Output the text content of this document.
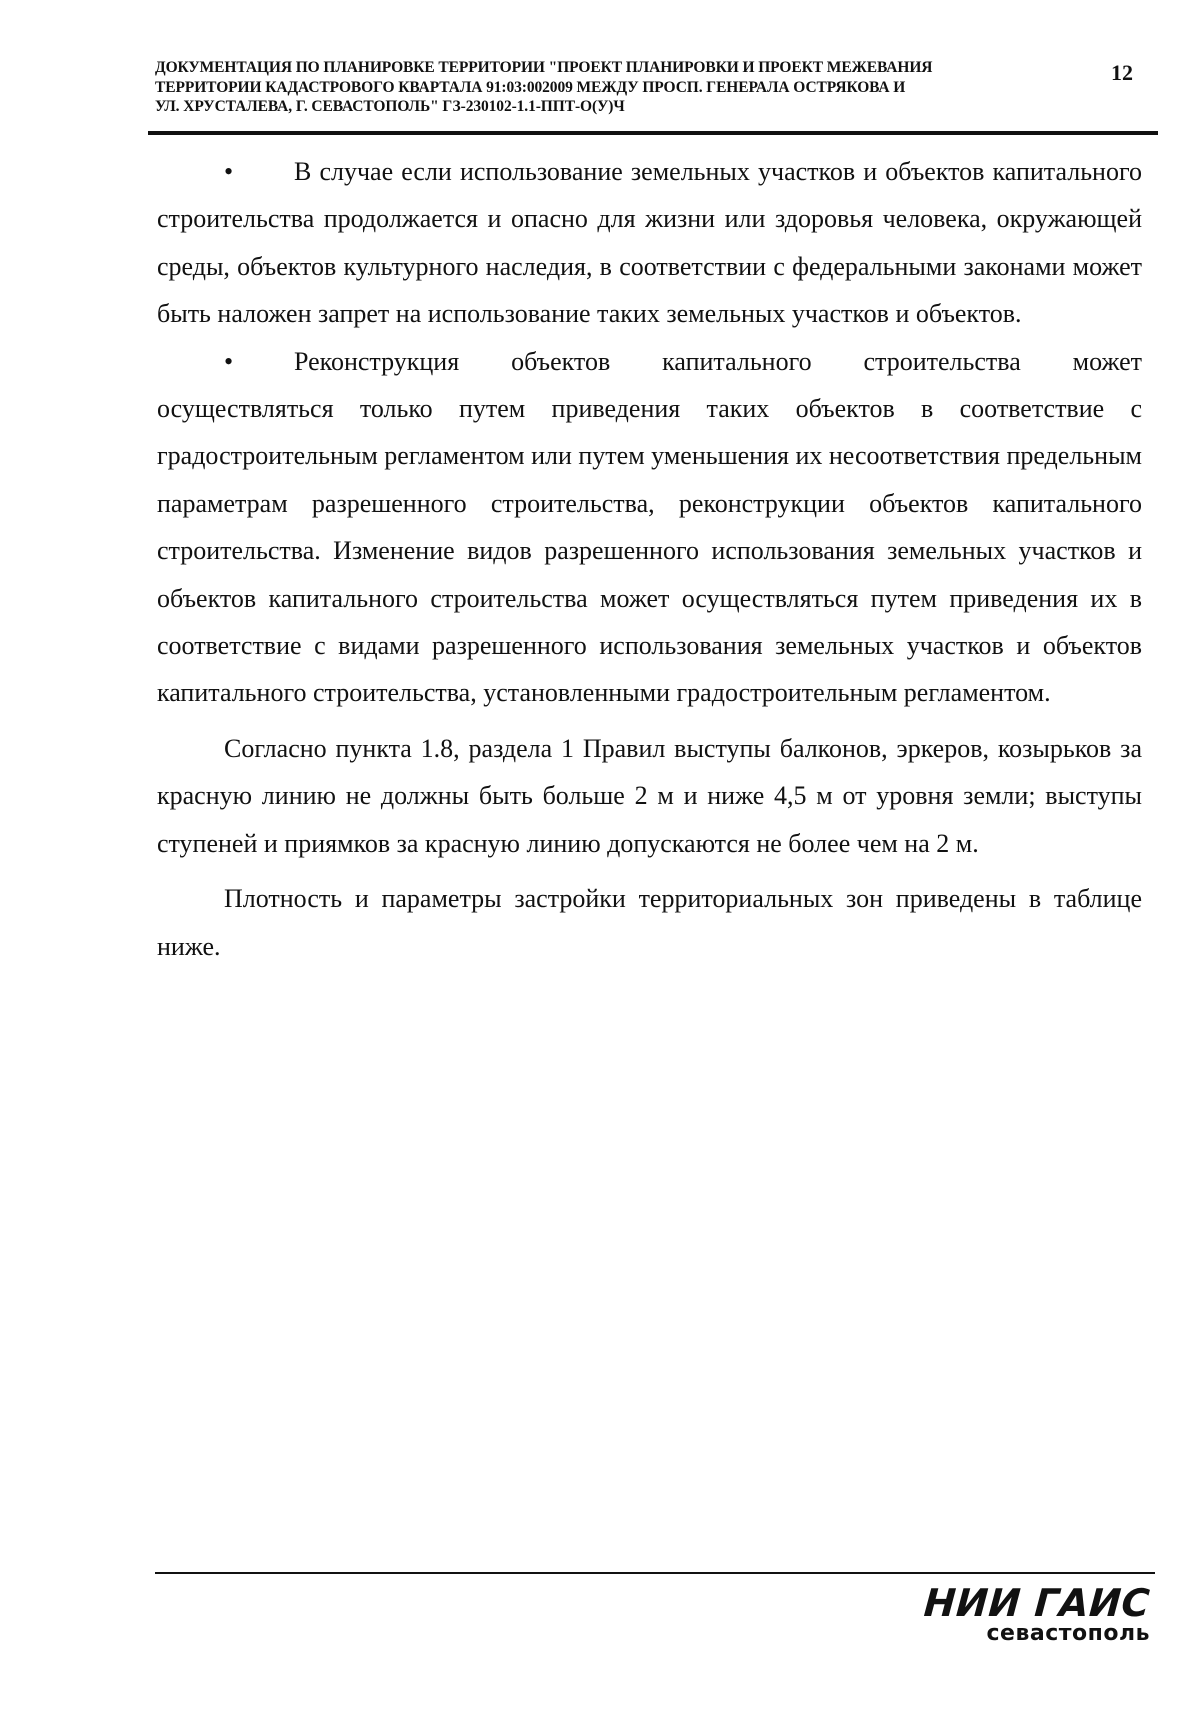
ДОКУМЕНТАЦИЯ ПО ПЛАНИРОВКЕ ТЕРРИТОРИИ "ПРОЕКТ ПЛАНИРОВКИ И ПРОЕКТ МЕЖЕВАНИЯ
ТЕРРИТОРИИ КАДАСТРОВОГО КВАРТАЛА 91:03:002009 МЕЖДУ ПРОСП. ГЕНЕРАЛА ОСТРЯКОВА И
УЛ. ХРУСТАЛЕВА, Г. СЕВАСТОПОЛЬ" ГЗ-230102-1.1-ППТ-О(У)Ч
12

• В случае если использование земельных участков и объектов капитального строительства продолжается и опасно для жизни или здоровья человека, окружающей среды, объектов культурного наследия, в соответствии с федеральными законами может быть наложен запрет на использование таких земельных участков и объектов.

• Реконструкция объектов капитального строительства может осуществляться только путем приведения таких объектов в соответствие с градостроительным регламентом или путем уменьшения их несоответствия предельным параметрам разрешенного строительства, реконструкции объектов капитального строительства. Изменение видов разрешенного использования земельных участков и объектов капитального строительства может осуществляться путем приведения их в соответствие с видами разрешенного использования земельных участков и объектов капитального строительства, установленными градостроительным регламентом.

Согласно пункта 1.8, раздела 1 Правил выступы балконов, эркеров, козырьков за красную линию не должны быть больше 2 м и ниже 4,5 м от уровня земли; выступы ступеней и приямков за красную линию допускаются не более чем на 2 м.

Плотность и параметры застройки территориальных зон приведены в таблице ниже.

НИИ ГАИС
севастополь
